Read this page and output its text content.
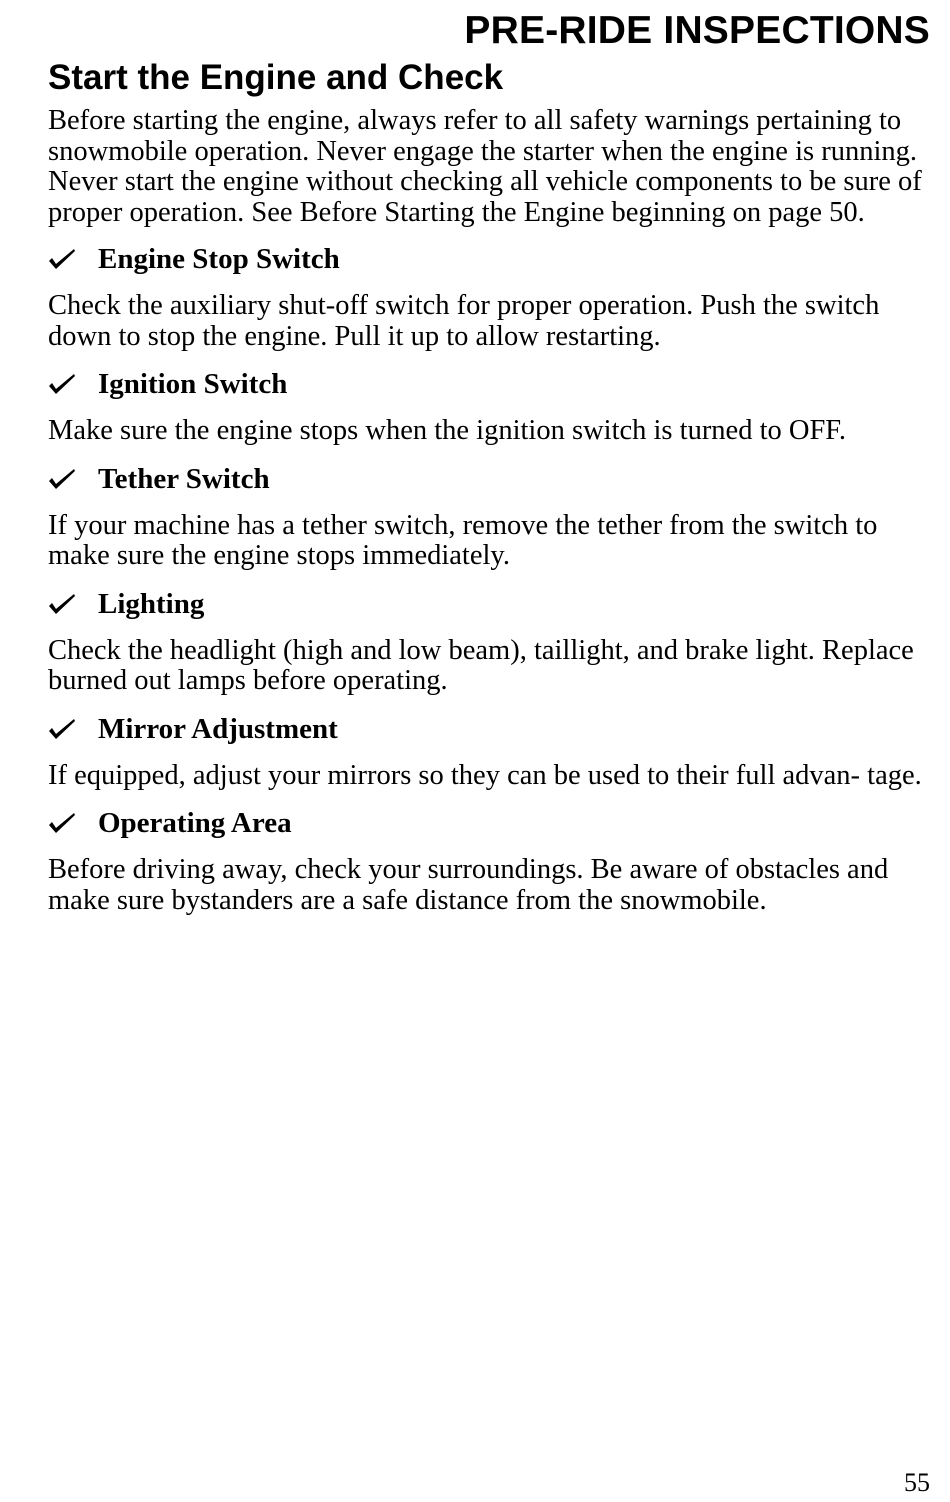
PRE-RIDE INSPECTIONS
Start the Engine and Check

Before starting the engine, always refer to all safety warnings pertaining to snowmobile operation. Never engage the starter when the engine is running. Never start the engine without checking all vehicle components to be sure of proper operation. See Before Starting the Engine beginning on page 50.

Engine Stop Switch

Check the auxiliary shut-off switch for proper operation. Push the switch down to stop the engine. Pull it up to allow restarting.

Ignition Switch

Make sure the engine stops when the ignition switch is turned to OFF.

Tether Switch

If your machine has a tether switch, remove the tether from the switch to make sure the engine stops immediately.

Lighting

Check the headlight (high and low beam), taillight, and brake light. Replace burned out lamps before operating.

Mirror Adjustment

If equipped, adjust your mirrors so they can be used to their full advan- tage.

Operating Area

Before driving away, check your surroundings. Be aware of obstacles and make sure bystanders are a safe distance from the snowmobile.

55
